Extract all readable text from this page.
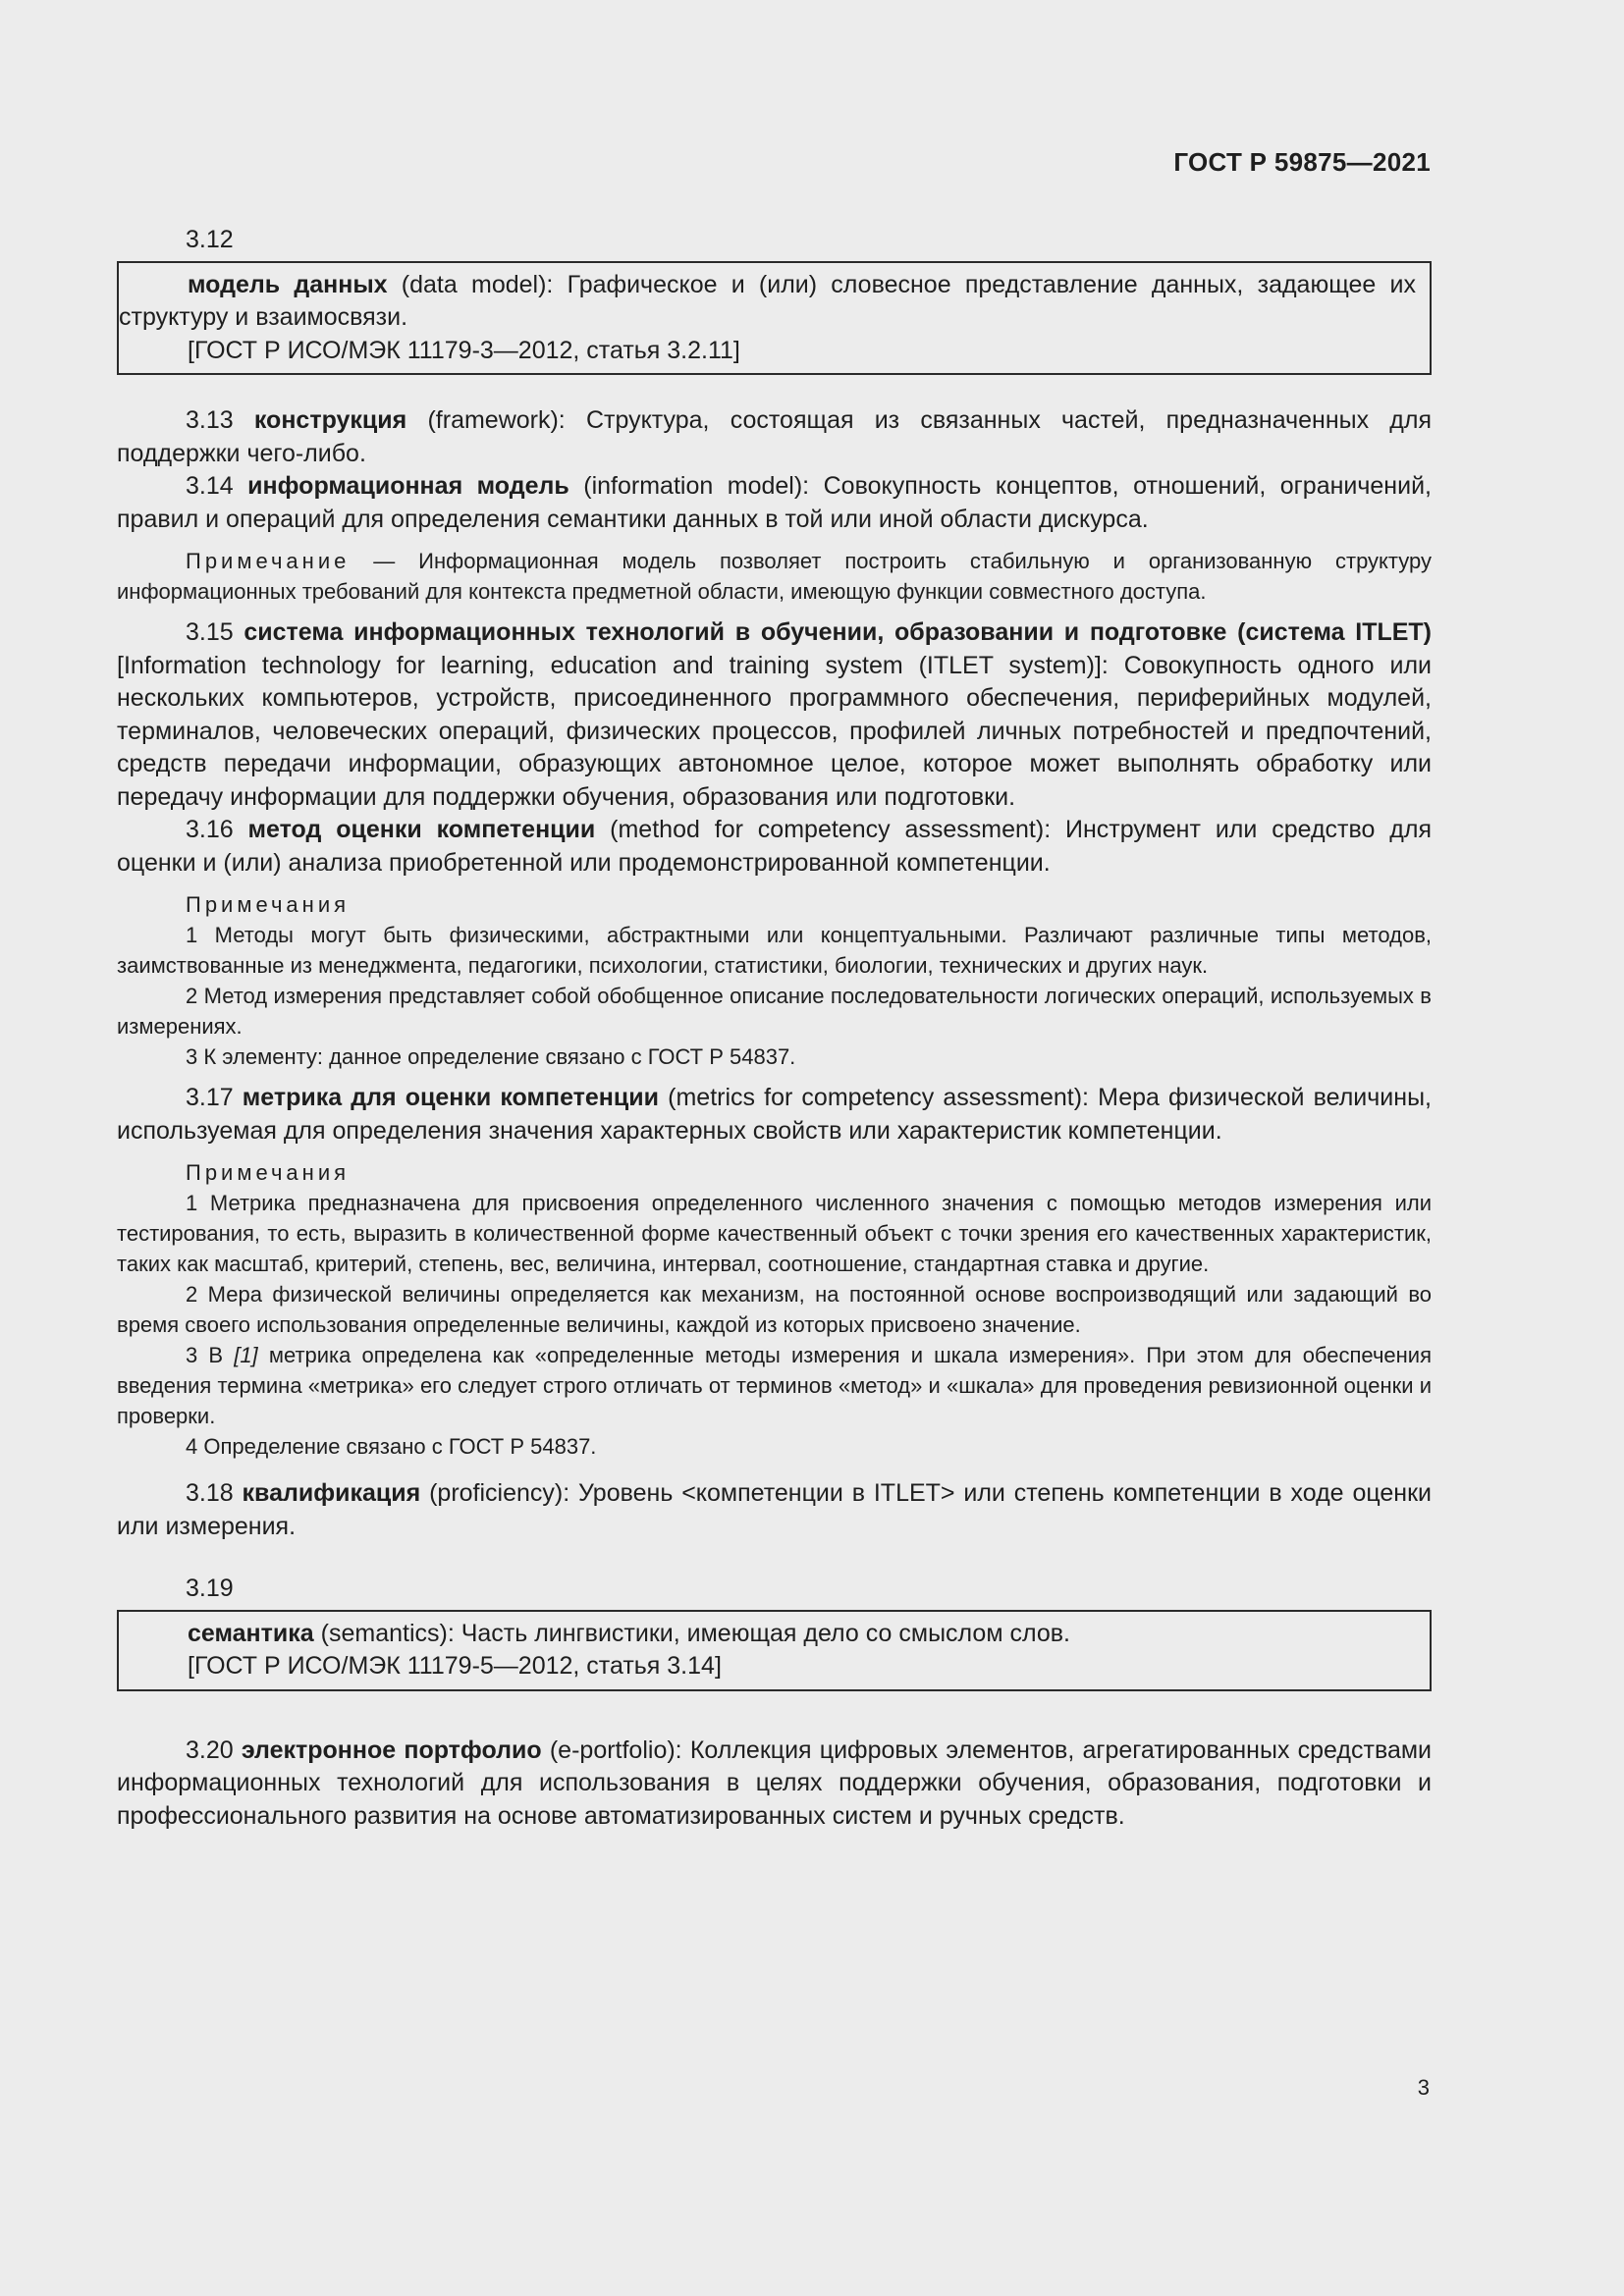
ГОСТ Р 59875—2021

3.12

модель данных (data model): Графическое и (или) словесное представление данных, задающее их структуру и взаимосвязи.

[ГОСТ Р ИСО/МЭК 11179-3—2012, статья 3.2.11]

3.13 конструкция (framework): Структура, состоящая из связанных частей, предназначенных для поддержки чего-либо.

3.14 информационная модель (information model): Совокупность концептов, отношений, ограничений, правил и операций для определения семантики данных в той или иной области дискурса.

Примечание — Информационная модель позволяет построить стабильную и организованную структуру информационных требований для контекста предметной области, имеющую функции совместного доступа.

3.15 система информационных технологий в обучении, образовании и подготовке (система ITLET) [Information technology for learning, education and training system (ITLET system)]: Совокупность одного или нескольких компьютеров, устройств, присоединенного программного обеспечения, периферийных модулей, терминалов, человеческих операций, физических процессов, профилей личных потребностей и предпочтений, средств передачи информации, образующих автономное целое, которое может выполнять обработку или передачу информации для поддержки обучения, образования или подготовки.

3.16 метод оценки компетенции (method for competency assessment): Инструмент или средство для оценки и (или) анализа приобретенной или продемонстрированной компетенции.

Примечания

1 Методы могут быть физическими, абстрактными или концептуальными. Различают различные типы методов, заимствованные из менеджмента, педагогики, психологии, статистики, биологии, технических и других наук.

2 Метод измерения представляет собой обобщенное описание последовательности логических операций, используемых в измерениях.

3 К элементу: данное определение связано с ГОСТ Р 54837.

3.17 метрика для оценки компетенции (metrics for competency assessment): Мера физической величины, используемая для определения значения характерных свойств или характеристик компетенции.

Примечания

1 Метрика предназначена для присвоения определенного численного значения с помощью методов измерения или тестирования, то есть, выразить в количественной форме качественный объект с точки зрения его качественных характеристик, таких как масштаб, критерий, степень, вес, величина, интервал, соотношение, стандартная ставка и другие.

2 Мера физической величины определяется как механизм, на постоянной основе воспроизводящий или задающий во время своего использования определенные величины, каждой из которых присвоено значение.

3 В [1] метрика определена как «определенные методы измерения и шкала измерения». При этом для обеспечения введения термина «метрика» его следует строго отличать от терминов «метод» и «шкала» для проведения ревизионной оценки и проверки.

4 Определение связано с ГОСТ Р 54837.

3.18 квалификация (proficiency): Уровень <компетенции в ITLET> или степень компетенции в ходе оценки или измерения.

3.19

семантика (semantics): Часть лингвистики, имеющая дело со смыслом слов.

[ГОСТ Р ИСО/МЭК 11179-5—2012, статья 3.14]

3.20 электронное портфолио (e-portfolio): Коллекция цифровых элементов, агрегатированных средствами информационных технологий для использования в целях поддержки обучения, образования, подготовки и профессионального развития на основе автоматизированных систем и ручных средств.

3
